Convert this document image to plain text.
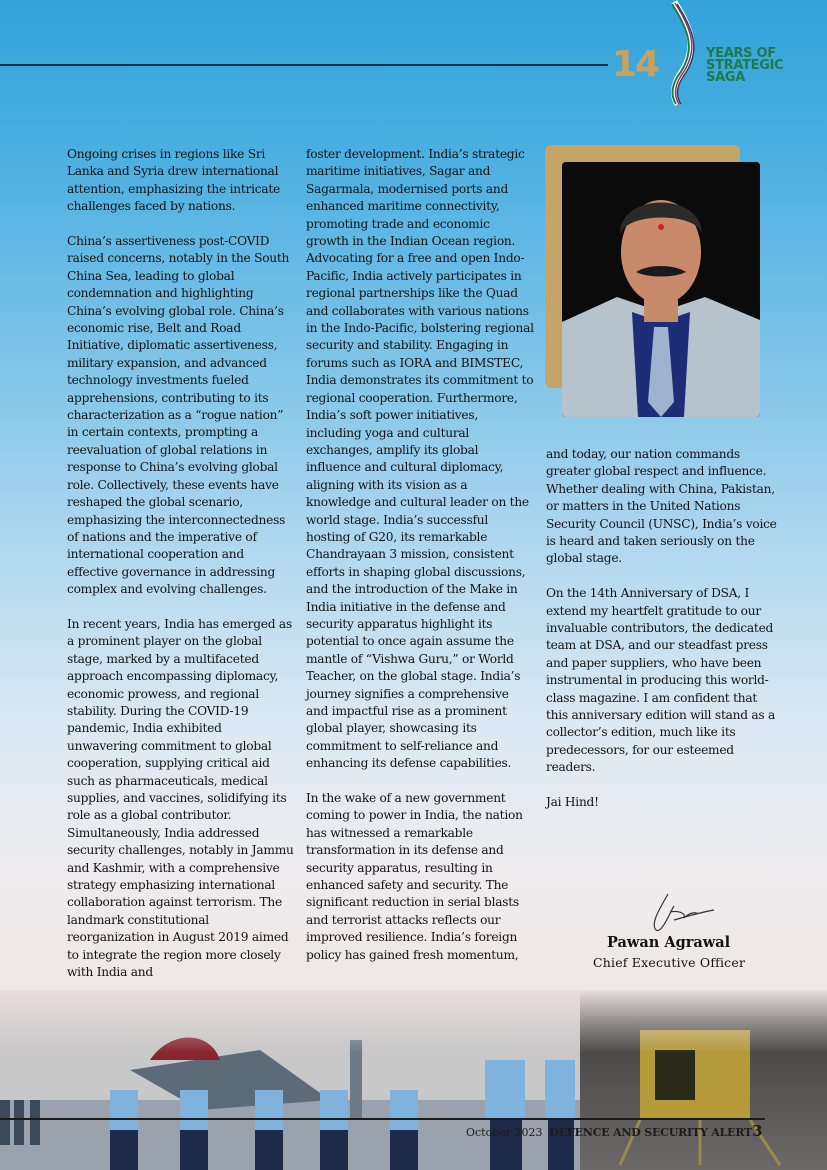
14	YEARS OF
STRATEGIC
SAGA

Ongoing crises in regions like Sri Lanka and Syria drew international attention, emphasizing the intricate challenges faced by nations.

China’s assertiveness post-COVID raised concerns, notably in the South China Sea, leading to global condemnation and highlighting China’s evolving global role. China’s economic rise, Belt and Road Initiative, diplomatic assertiveness, military expansion, and advanced technology investments fueled apprehensions, contributing to its characterization as a “rogue nation” in certain contexts, prompting a reevaluation of global relations in response to China’s evolving global role. Collectively, these events have reshaped the global scenario, emphasizing the interconnectedness of nations and the imperative of international cooperation and effective governance in addressing complex and evolving challenges.

In recent years, India has emerged as a prominent player on the global stage, marked by a multifaceted approach encompassing diplomacy, economic prowess, and regional stability. During the COVID-19 pandemic, India exhibited unwavering commitment to global cooperation, supplying critical aid such as pharmaceuticals, medical supplies, and vaccines, solidifying its role as a global contributor. Simultaneously, India addressed security challenges, notably in Jammu and Kashmir, with a comprehensive strategy emphasizing international collaboration against terrorism. The landmark constitutional reorganization in August 2019 aimed to integrate the region more closely with India and

foster development. India’s strategic maritime initiatives, Sagar and Sagarmala, modernised ports and enhanced maritime connectivity, promoting trade and economic growth in the Indian Ocean region. Advocating for a free and open Indo-Pacific, India actively participates in regional partnerships like the Quad and collaborates with various nations in the Indo-Pacific, bolstering regional security and stability. Engaging in forums such as IORA and BIMSTEC, India demonstrates its commitment to regional cooperation. Furthermore, India’s soft power initiatives, including yoga and cultural exchanges, amplify its global influence and cultural diplomacy, aligning with its vision as a knowledge and cultural leader on the world stage. India’s successful hosting of G20, its remarkable Chandrayaan 3 mission, consistent efforts in shaping global discussions, and the introduction of the Make in India initiative in the defense and security apparatus highlight its potential to once again assume the mantle of “Vishwa Guru,” or World Teacher, on the global stage. India’s journey signifies a comprehensive and impactful rise as a prominent global player, showcasing its commitment to self-reliance and enhancing its defense capabilities.

In the wake of a new government coming to power in India, the nation has witnessed a remarkable transformation in its defense and security apparatus, resulting in enhanced safety and security. The significant reduction in serial blasts and terrorist attacks reflects our improved resilience. India’s foreign policy has gained fresh momentum,

and today, our nation commands greater global respect and influence. Whether dealing with China, Pakistan, or matters in the United Nations Security Council (UNSC), India’s voice is heard and taken seriously on the global stage.

On the 14th Anniversary of DSA, I extend my heartfelt gratitude to our invaluable contributors, the dedicated team at DSA, and our steadfast press and paper suppliers, who have been instrumental in producing this world-class magazine. I am confident that this anniversary edition will stand as a collector’s edition, much like its predecessors, for our esteemed readers.

Jai Hind!

Pawan Agrawal
Chief Executive Officer
October 2023 DEFENCE AND SECURITY ALERT 3
